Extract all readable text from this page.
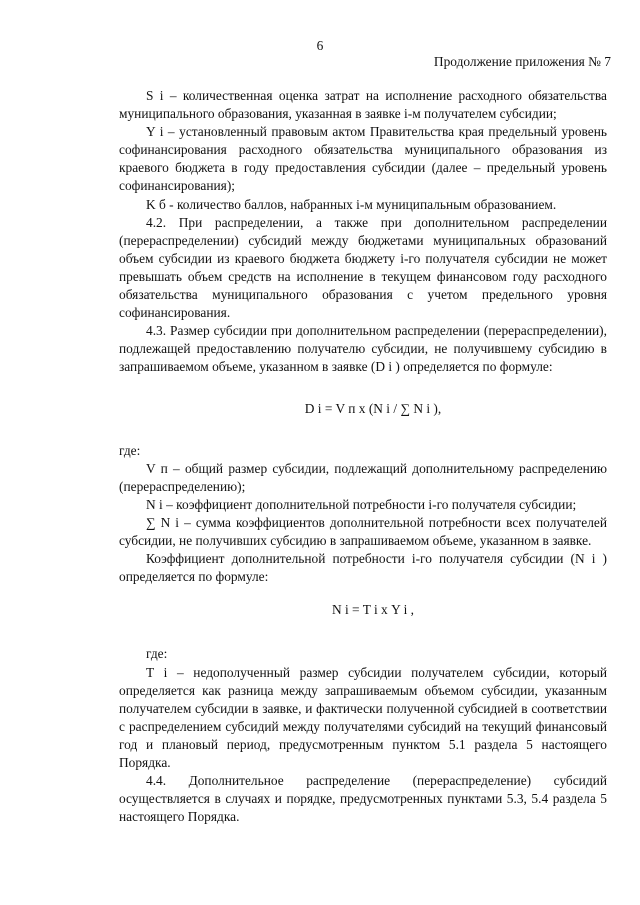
6
Продолжение приложения № 7

S i – количественная оценка затрат на исполнение расходного обязательства муниципального образования, указанная в заявке i-м получателем субсидии;

Y i – установленный правовым актом Правительства края предельный уровень софинансирования расходного обязательства муниципального образования из краевого бюджета в году предоставления субсидии (далее – предельный уровень софинансирования);

K б - количество баллов, набранных i-м муниципальным образованием.

4.2. При распределении, а также при дополнительном распределении (перераспределении) субсидий между бюджетами муниципальных образований объем субсидии из краевого бюджета бюджету i-го получателя субсидии не может превышать объем средств на исполнение в текущем финансовом году расходного обязательства муниципального образования с учетом предельного уровня софинансирования.

4.3. Размер субсидии при дополнительном распределении (перераспределении), подлежащей предоставлению получателю субсидии, не получившему субсидию в запрашиваемом объеме, указанном в заявке (D i ) определяется по формуле:

D i = V п х (N i / ∑ N i ),

где:

V п – общий размер субсидии, подлежащий дополнительному распределению (перераспределению);

N i – коэффициент дополнительной потребности i-го получателя субсидии;

∑ N i – сумма коэффициентов дополнительной потребности всех получателей субсидии, не получивших субсидию в запрашиваемом объеме, указанном в заявке.

Коэффициент дополнительной потребности i-го получателя субсидии (N i ) определяется по формуле:

N i = T i х Y i ,

где:

T i – недополученный размер субсидии получателем субсидии, который определяется как разница между запрашиваемым объемом субсидии, указанным получателем субсидии в заявке, и фактически полученной субсидией в соответствии с распределением субсидий между получателями субсидий на текущий финансовый год и плановый период, предусмотренным пунктом 5.1 раздела 5 настоящего Порядка.

4.4. Дополнительное распределение (перераспределение) субсидий осуществляется в случаях и порядке, предусмотренных пунктами 5.3, 5.4 раздела 5 настоящего Порядка.
